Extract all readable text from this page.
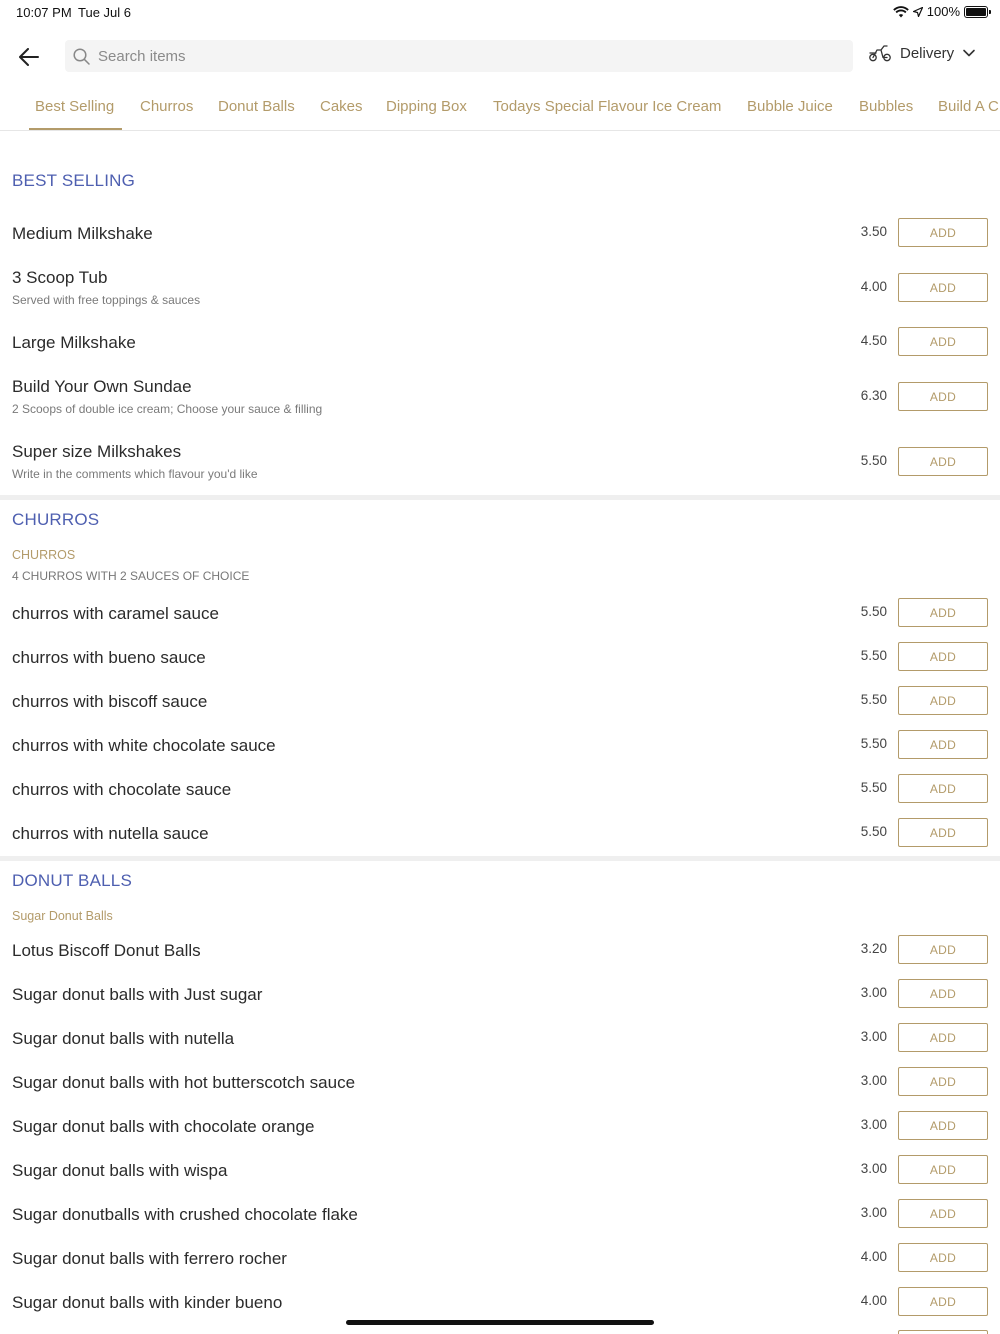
10:07 PM Tue Jul 6	100%
Search items
Delivery
Best Selling Churros Donut Balls Cakes Dipping Box Todays Special Flavour Ice Cream Bubble Juice Bubbles Build A C
BEST SELLING
Medium Milkshake	3.50	ADD
3 Scoop Tub
Served with free toppings & sauces
4.00	ADD
Large Milkshake	4.50	ADD
Build Your Own Sundae
2 Scoops of double ice cream; Choose your sauce & filling
6.30	ADD
Super size Milkshakes
Write in the comments which flavour you'd like
5.50	ADD
CHURROS
CHURROS
4 CHURROS WITH 2 SAUCES OF CHOICE
churros with caramel sauce	5.50	ADD
churros with bueno sauce	5.50	ADD
churros with biscoff sauce	5.50	ADD
churros with white chocolate sauce	5.50	ADD
churros with chocolate sauce	5.50	ADD
churros with nutella sauce	5.50	ADD
DONUT BALLS
Sugar Donut Balls
Lotus Biscoff Donut Balls	3.20	ADD
Sugar donut balls with Just sugar	3.00	ADD
Sugar donut balls with nutella	3.00	ADD
Sugar donut balls with hot butterscotch sauce	3.00	ADD
Sugar donut balls with chocolate orange	3.00	ADD
Sugar donut balls with wispa	3.00	ADD
Sugar donutballs with crushed chocolate flake	3.00	ADD
Sugar donut balls with ferrero rocher	4.00	ADD
Sugar donut balls with kinder bueno	4.00	ADD
